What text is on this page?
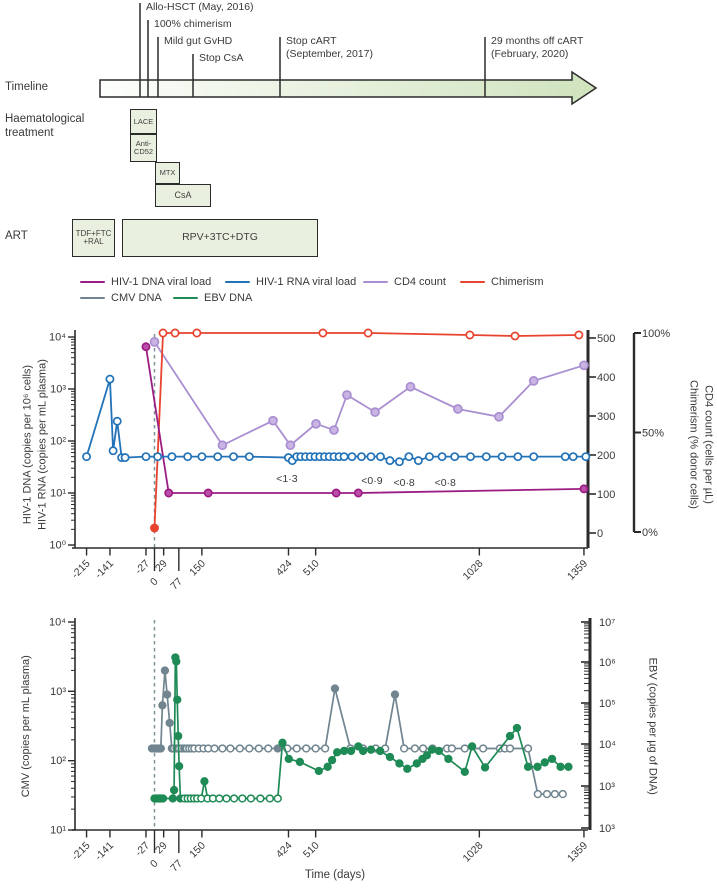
Timeline
Haematological
treatment
ART
Allo-HSCT (May, 2016)
100% chimerism
Mild gut GvHD
Stop CsA
Stop cART
(September, 2017)
29 months off cART
(February, 2020)
LACE
Anti-
CD52
MTX
CsA
TDF+FTC
+RAL	RPV+3TC+DTG
HIV-1 DNA viral load	HIV-1 RNA viral load	CD4 count	Chimerism
CMV DNA	EBV DNA
HIV-1 DNA (copies per 10⁶ cells) HIV-1 RNA (copies per mL plasma)	CD4 count (cells per µL)
Chimerism (% donor cells)
CMV (copies per mL plasma)	EBV (copies per µg of DNA)
Time (days)
-215 -141 -27
0
29
77
150	424 510	1028	1359
10⁰
10¹
10²
10³
10⁴
0
100
200
300
400
500 100%
50%
0%
<1·3	<0·9 <0·8 <0·8
-215 -141 -27
0
29
77
150	424 510	1028	1359
10¹
10²
10³
10⁴	10⁷
10⁶
10⁵
10⁴
10³
10³
